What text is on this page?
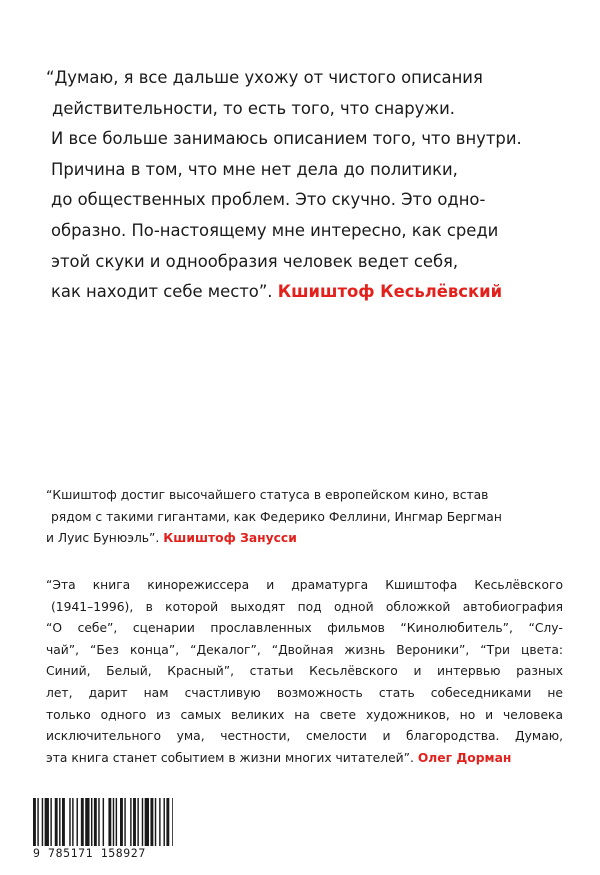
“Думаю, я все дальше ухожу от чистого описания
действительности, то есть того, что снаружи.
И все больше занимаюсь описанием того, что внутри.
Причина в том, что мне нет дела до политики,
до общественных проблем. Это скучно. Это одно-
образно. По-настоящему мне интересно, как среди
этой скуки и однообразия человек ведет себя,
как находит себе место”. Кшиштоф Кесьлёвский
“Кшиштоф достиг высочайшего статуса в европейском кино, встав
рядом с такими гигантами, как Федерико Феллини, Ингмар Бергман
и Луис Бунюэль”. Кшиштоф Занусси
“Эта книга кинорежиссера и драматурга Кшиштофа Кесьлёвского
(1941–1996), в которой выходят под одной обложкой автобиография
“О себе”, сценарии прославленных фильмов “Кинолюбитель”, “Слу-
чай”, “Без конца”, “Декалог”, “Двойная жизнь Вероники”, “Три цвета:
Синий, Белый, Красный”, статьи Кесьлёвского и интервью разных
лет, дарит нам счастливую возможность стать собеседниками не
только одного из самых великих на свете художников, но и человека
исключительного ума, честности, смелости и благородства. Думаю,
эта книга станет событием в жизни многих читателей”. Олег Дорман
9 785171 158927
